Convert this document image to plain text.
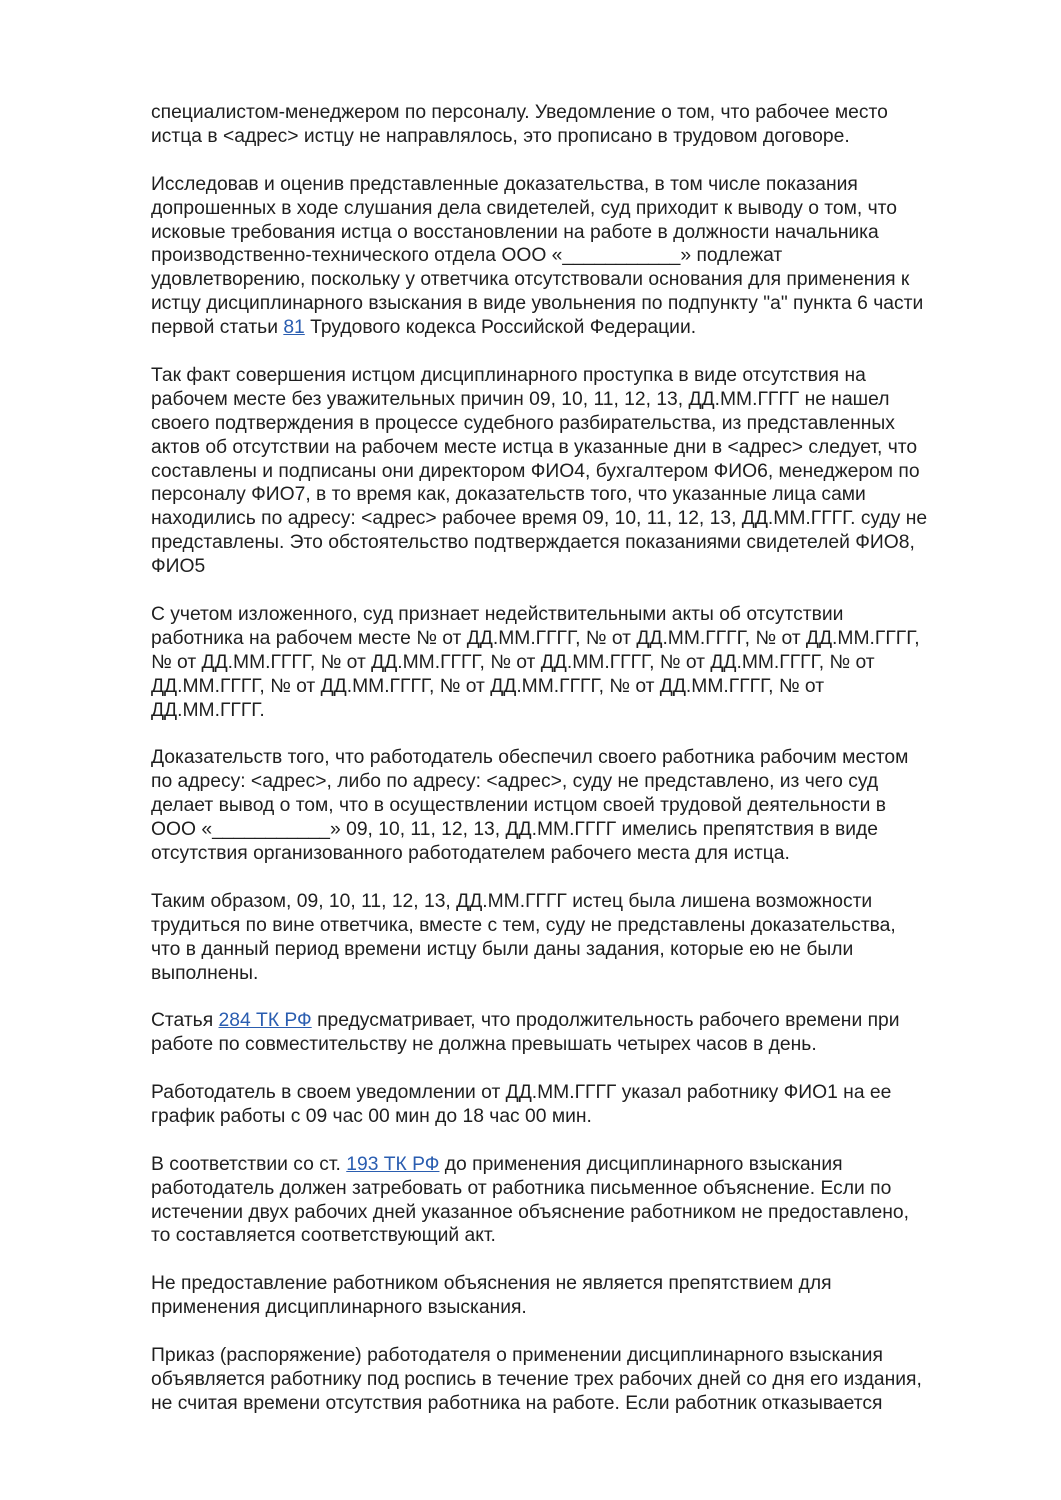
специалистом-менеджером по персоналу. Уведомление о том, что рабочее место
истца в <адрес> истцу не направлялось, это прописано в трудовом договоре.

Исследовав и оценив представленные доказательства, в том числе показания
допрошенных в ходе слушания дела свидетелей, суд приходит к выводу о том, что
исковые требования истца о восстановлении на работе в должности начальника
производственно-технического отдела ООО «___________» подлежат
удовлетворению, поскольку у ответчика отсутствовали основания для применения к
истцу дисциплинарного взыскания в виде увольнения по подпункту "а" пункта 6 части
первой статьи 81 Трудового кодекса Российской Федерации.

Так факт совершения истцом дисциплинарного проступка в виде отсутствия на
рабочем месте без уважительных причин 09, 10, 11, 12, 13, ДД.ММ.ГГГГ не нашел
своего подтверждения в процессе судебного разбирательства, из представленных
актов об отсутствии на рабочем месте истца в указанные дни в <адрес> следует, что
составлены и подписаны они директором ФИО4, бухгалтером ФИО6, менеджером по
персоналу ФИО7, в то время как, доказательств того, что указанные лица сами
находились по адресу: <адрес> рабочее время 09, 10, 11, 12, 13, ДД.ММ.ГГГГ. суду не
представлены. Это обстоятельство подтверждается показаниями свидетелей ФИО8,
ФИО5

С учетом изложенного, суд признает недействительными акты об отсутствии
работника на рабочем месте № от ДД.ММ.ГГГГ, № от ДД.ММ.ГГГГ, № от ДД.ММ.ГГГГ,
№ от ДД.ММ.ГГГГ, № от ДД.ММ.ГГГГ, № от ДД.ММ.ГГГГ, № от ДД.ММ.ГГГГ, № от
ДД.ММ.ГГГГ, № от ДД.ММ.ГГГГ, № от ДД.ММ.ГГГГ, № от ДД.ММ.ГГГГ, № от
ДД.ММ.ГГГГ.

Доказательств того, что работодатель обеспечил своего работника рабочим местом
по адресу: <адрес>, либо по адресу: <адрес>, суду не представлено, из чего суд
делает вывод о том, что в осуществлении истцом своей трудовой деятельности в
ООО «___________» 09, 10, 11, 12, 13, ДД.ММ.ГГГГ имелись препятствия в виде
отсутствия организованного работодателем рабочего места для истца.

Таким образом, 09, 10, 11, 12, 13, ДД.ММ.ГГГГ истец была лишена возможности
трудиться по вине ответчика, вместе с тем, суду не представлены доказательства,
что в данный период времени истцу были даны задания, которые ею не были
выполнены.

Статья 284 ТК РФ предусматривает, что продолжительность рабочего времени при
работе по совместительству не должна превышать четырех часов в день.

Работодатель в своем уведомлении от ДД.ММ.ГГГГ указал работнику ФИО1 на ее
график работы с 09 час 00 мин до 18 час 00 мин.

В соответствии со ст. 193 ТК РФ до применения дисциплинарного взыскания
работодатель должен затребовать от работника письменное объяснение. Если по
истечении двух рабочих дней указанное объяснение работником не предоставлено,
то составляется соответствующий акт.

Не предоставление работником объяснения не является препятствием для
применения дисциплинарного взыскания.

Приказ (распоряжение) работодателя о применении дисциплинарного взыскания
объявляется работнику под роспись в течение трех рабочих дней со дня его издания,
не считая времени отсутствия работника на работе. Если работник отказывается
